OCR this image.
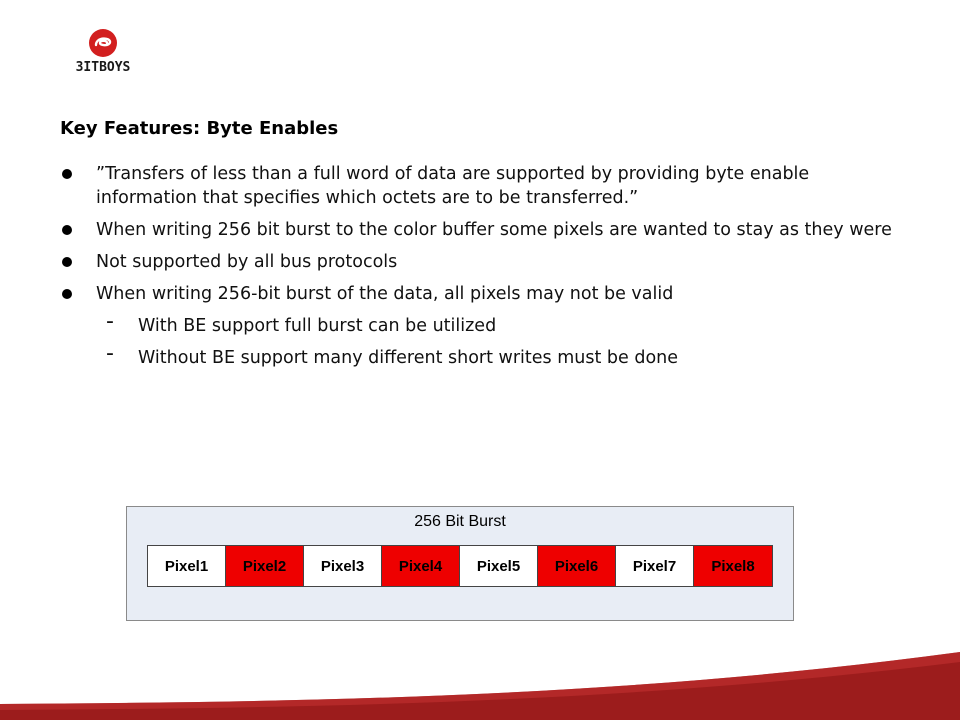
3ITBOYS
Key Features: Byte Enables
”Transfers of less than a full word of data are supported by providing byte enable information that specifies which octets are to be transferred.”
When writing 256 bit burst to the color buffer some pixels are wanted to stay as they were
Not supported by all bus protocols
When writing 256-bit burst of the data, all pixels may not be valid
- With BE support full burst can be utilized
- Without BE support many different short writes must be done
256 Bit Burst
Pixel1	Pixel2	Pixel3	Pixel4	Pixel5	Pixel6	Pixel7	Pixel8
